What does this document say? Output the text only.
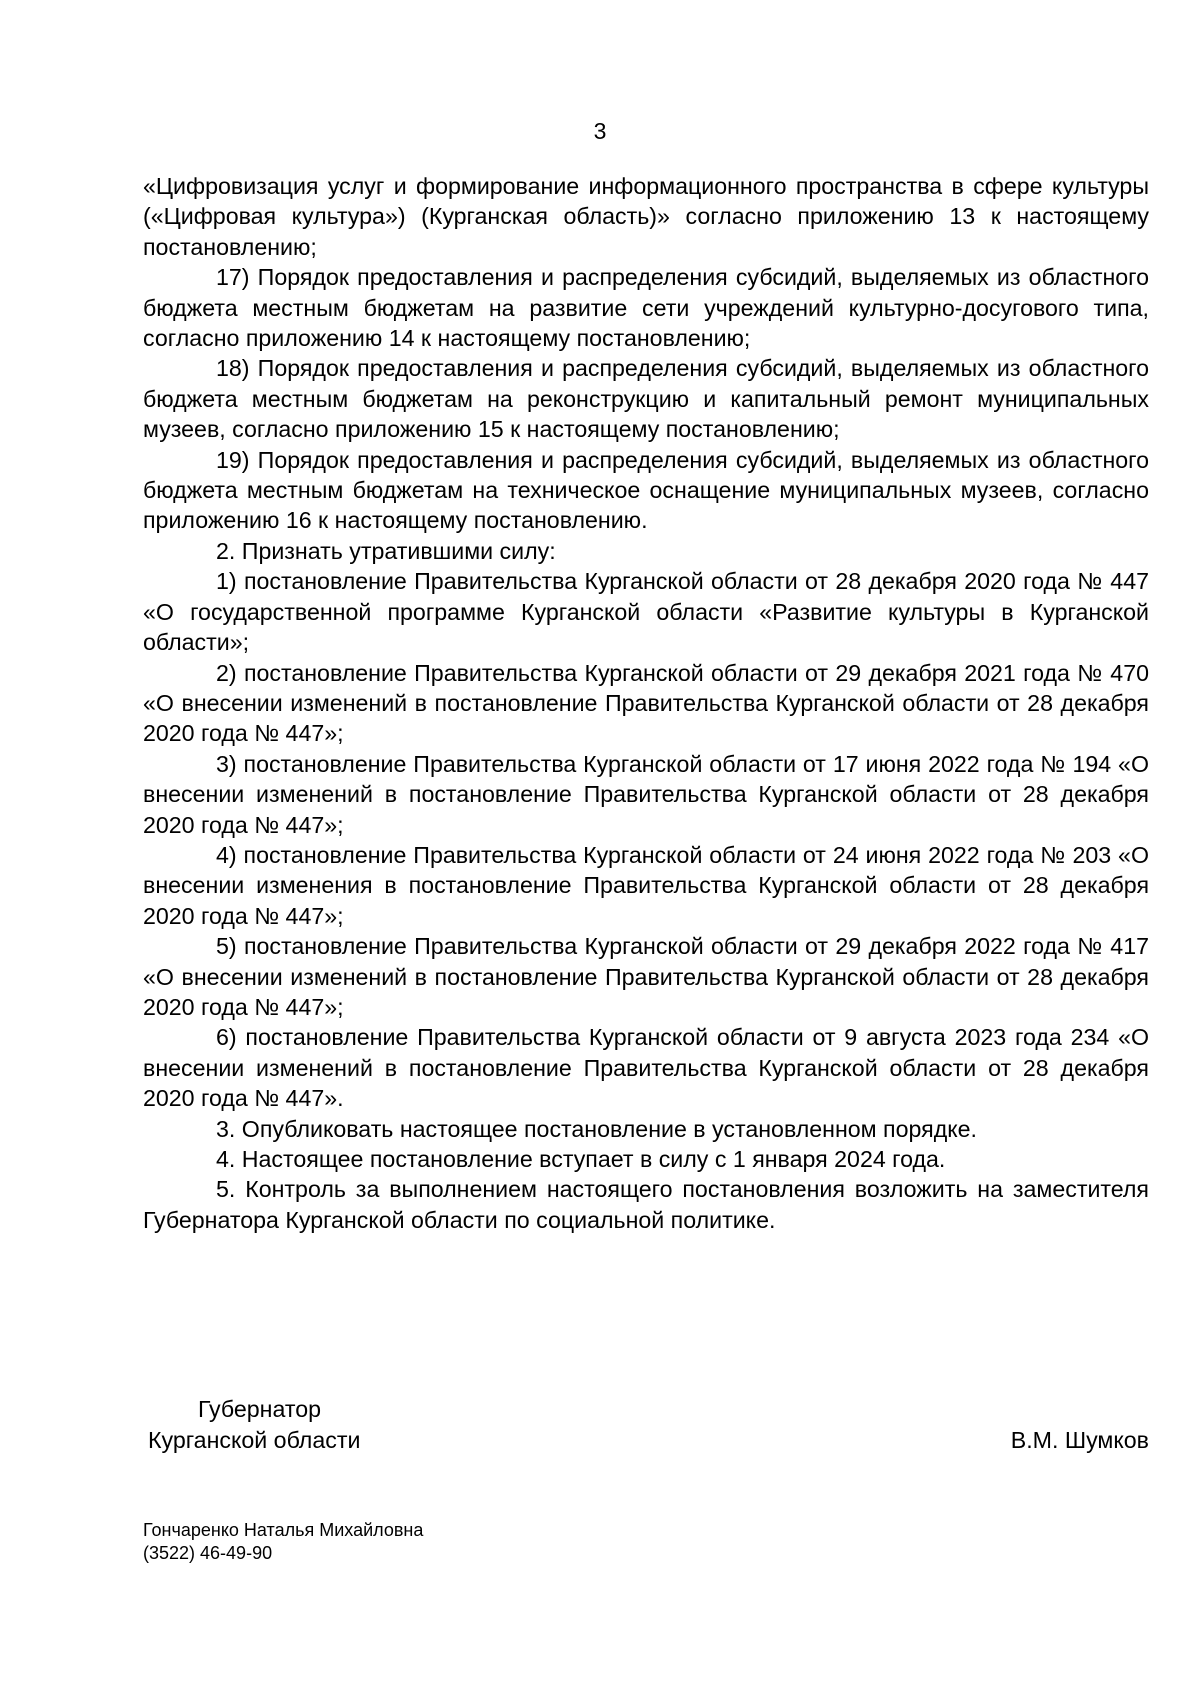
3

«Цифровизация услуг и формирование информационного пространства в сфере культуры («Цифровая культура») (Курганская область)» согласно приложению 13 к настоящему постановлению;

17) Порядок предоставления и распределения субсидий, выделяемых из областного бюджета местным бюджетам на развитие сети учреждений культурно-досугового типа, согласно приложению 14 к настоящему постановлению;

18) Порядок предоставления и распределения субсидий, выделяемых из областного бюджета местным бюджетам на реконструкцию и капитальный ремонт муниципальных музеев, согласно приложению 15 к настоящему постановлению;

19) Порядок предоставления и распределения субсидий, выделяемых из областного бюджета местным бюджетам на техническое оснащение муниципальных музеев, согласно приложению 16 к настоящему постановлению.

2. Признать утратившими силу:

1) постановление Правительства Курганской области от 28 декабря 2020 года № 447 «О государственной программе Курганской области «Развитие культуры в Курганской области»;

2) постановление Правительства Курганской области от 29 декабря 2021 года № 470 «О внесении изменений в постановление Правительства Курганской области от 28 декабря 2020 года № 447»;

3) постановление Правительства Курганской области от 17 июня 2022 года № 194 «О внесении изменений в постановление Правительства Курганской области от 28 декабря 2020 года № 447»;

4) постановление Правительства Курганской области от 24 июня 2022 года № 203 «О внесении изменения в постановление Правительства Курганской области от 28 декабря 2020 года № 447»;

5) постановление Правительства Курганской области от 29 декабря 2022 года № 417 «О внесении изменений в постановление Правительства Курганской области от 28 декабря 2020 года № 447»;

6) постановление Правительства Курганской области от 9 августа 2023 года 234 «О внесении изменений в постановление Правительства Курганской области от 28 декабря 2020 года № 447».

3. Опубликовать настоящее постановление в установленном порядке.

4. Настоящее постановление вступает в силу с 1 января 2024 года.

5. Контроль за выполнением настоящего постановления возложить на заместителя Губернатора Курганской области по социальной политике.

Губернатор
Курганской области	В.М. Шумков
Гончаренко Наталья Михайловна
(3522) 46-49-90
